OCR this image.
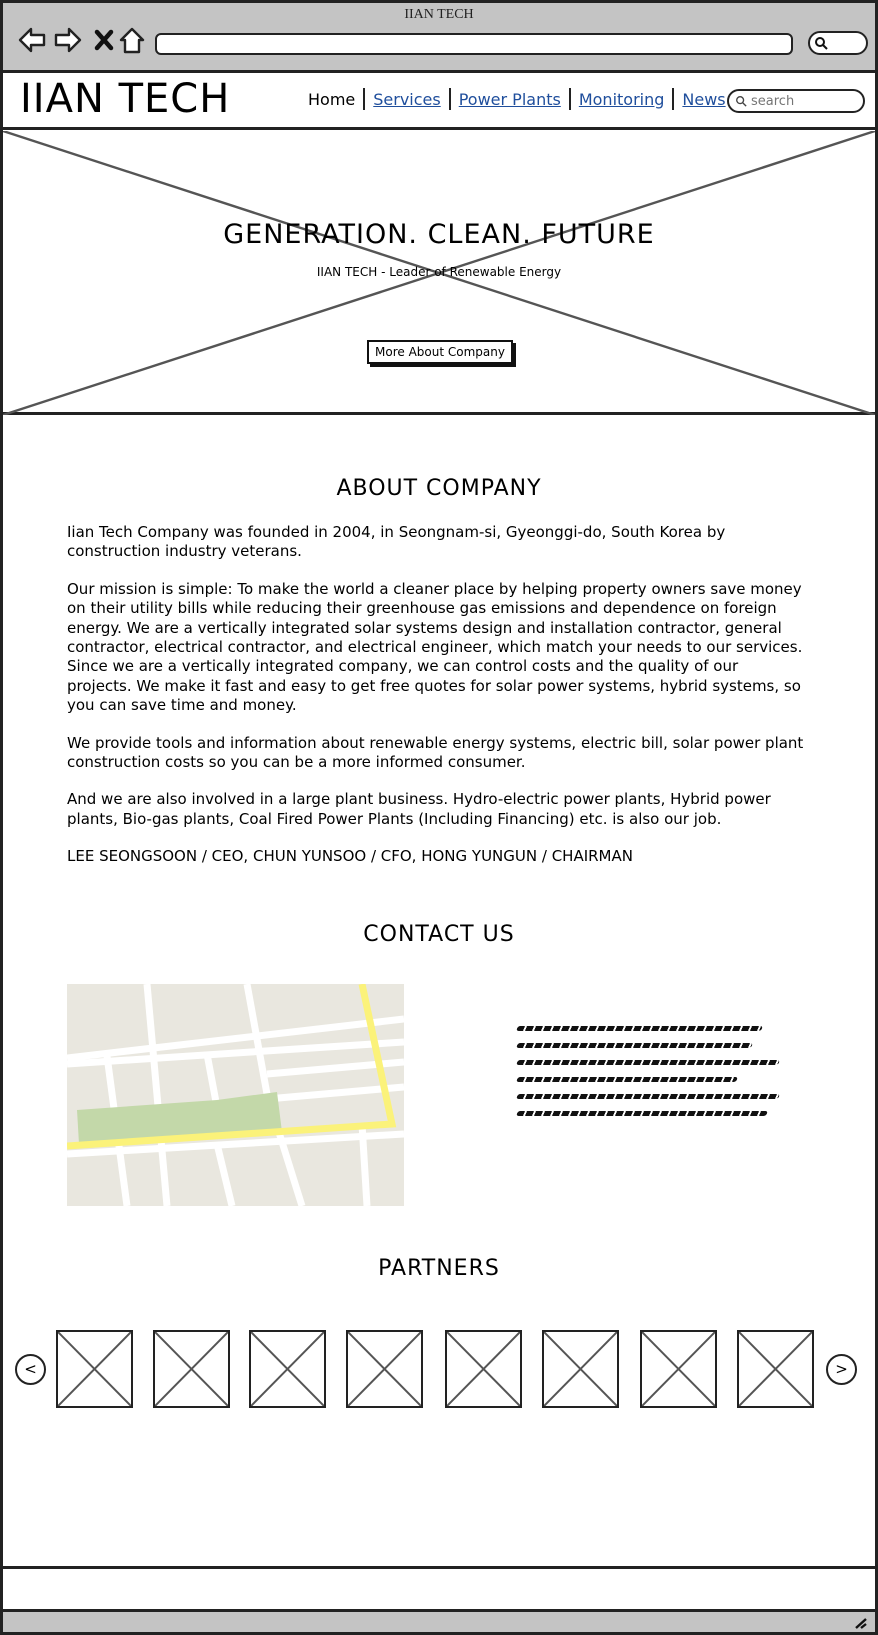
IIAN TECH
IIAN TECH	Home Services Power Plants Monitoring News
search
GENERATION. CLEAN. FUTURE
IIAN TECH - Leader of Renewable Energy
More About Company
ABOUT COMPANY

Iian Tech Company was founded in 2004, in Seongnam-si, Gyeonggi-do, South Korea by construction industry veterans.

Our mission is simple: To make the world a cleaner place by helping property owners save money on their utility bills while reducing their greenhouse gas emissions and dependence on foreign energy. We are a vertically integrated solar systems design and installation contractor, general contractor, electrical contractor, and electrical engineer, which match your needs to our services. Since we are a vertically integrated company, we can control costs and the quality of our projects. We make it fast and easy to get free quotes for solar power systems, hybrid systems, so you can save time and money.

We provide tools and information about renewable energy systems, electric bill, solar power plant construction costs so you can be a more informed consumer.

And we are also involved in a large plant business. Hydro-electric power plants, Hybrid power plants, Bio-gas plants, Coal Fired Power Plants (Including Financing) etc. is also our job.

LEE SEONGSOON / CEO, CHUN YUNSOO / CFO, HONG YUNGUN / CHAIRMAN

CONTACT US
PARTNERS
<	>
